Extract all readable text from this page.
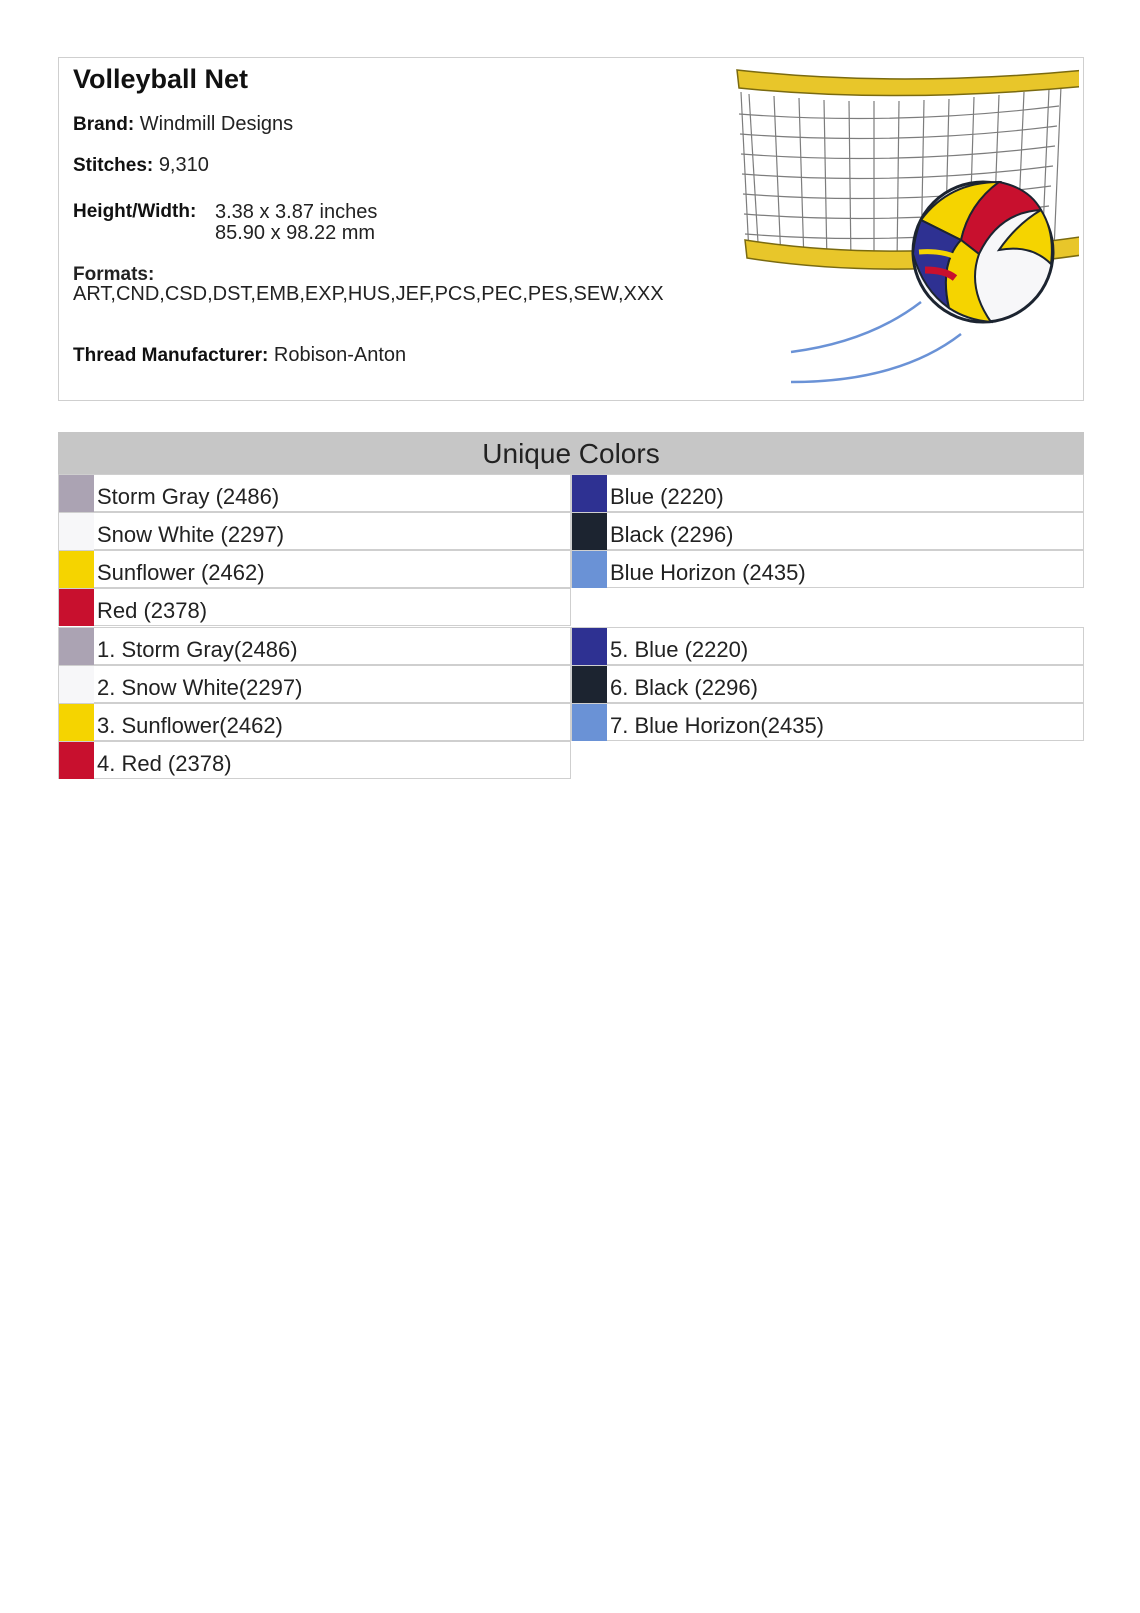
Volleyball Net
Brand: Windmill Designs
Stitches: 9,310
Height/Width: 3.38 x 3.87 inches
85.90 x 98.22 mm
Formats:
ART,CND,CSD,DST,EMB,EXP,HUS,JEF,PCS,PEC,PES,SEW,XXX
Thread Manufacturer: Robison-Anton
Unique Colors
Storm Gray (2486)
Snow White (2297)
Sunflower (2462)
Red (2378)
Blue (2220)
Black (2296)
Blue Horizon (2435)
1. Storm Gray(2486)
2. Snow White(2297)
3. Sunflower(2462)
4. Red (2378)
5. Blue (2220)
6. Black (2296)
7. Blue Horizon(2435)
